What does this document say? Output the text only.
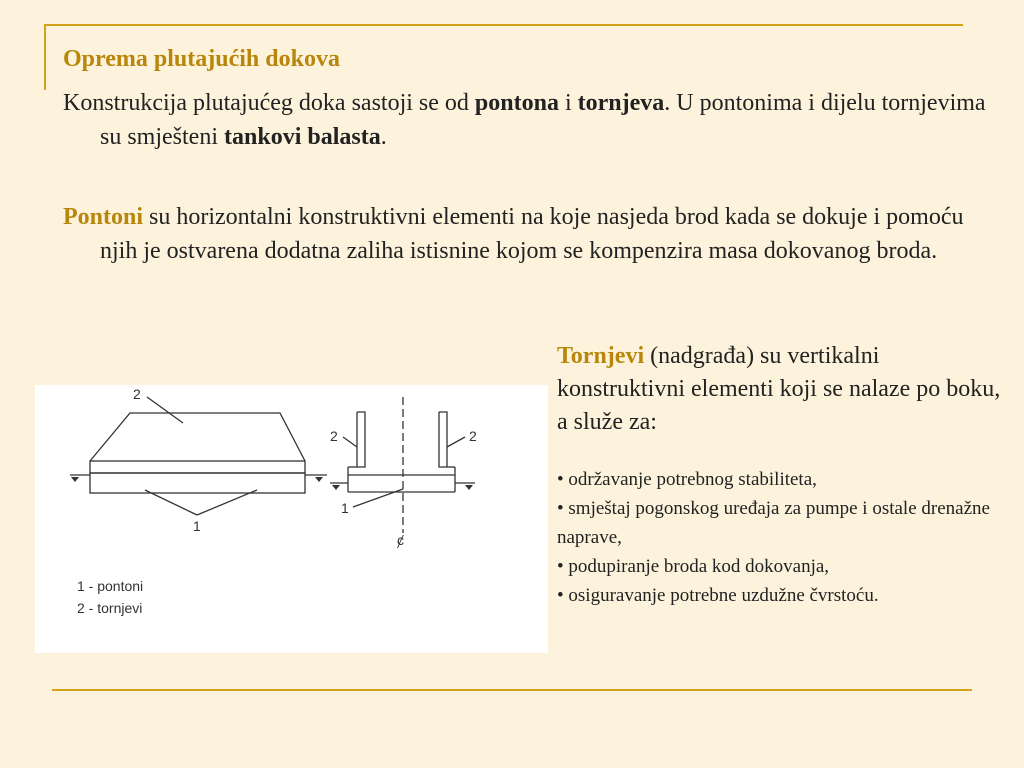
Oprema plutajućih dokova

Konstrukcija plutajućeg doka sastoji se od pontona i tornjeva. U pontonima i dijelu tornjevima su smješteni tankovi balasta.

Pontoni su horizontalni konstruktivni elementi na koje nasjeda brod kada se dokuje i pomoću njih je ostvarena dodatna zaliha istisnine kojom se kompenzira masa dokovanog broda.

2
1
2	2
1
ȼ
1 - pontoni
2 - tornjevi

Tornjevi (nadgrađa) su vertikalni konstruktivni elementi koji se nalaze po boku, a služe za:

• održavanje potrebnog stabiliteta,
• smještaj pogonskog uređaja za pumpe i ostale drenažne naprave,
• podupiranje broda kod dokovanja,
• osiguravanje potrebne uzdužne čvrstoću.
